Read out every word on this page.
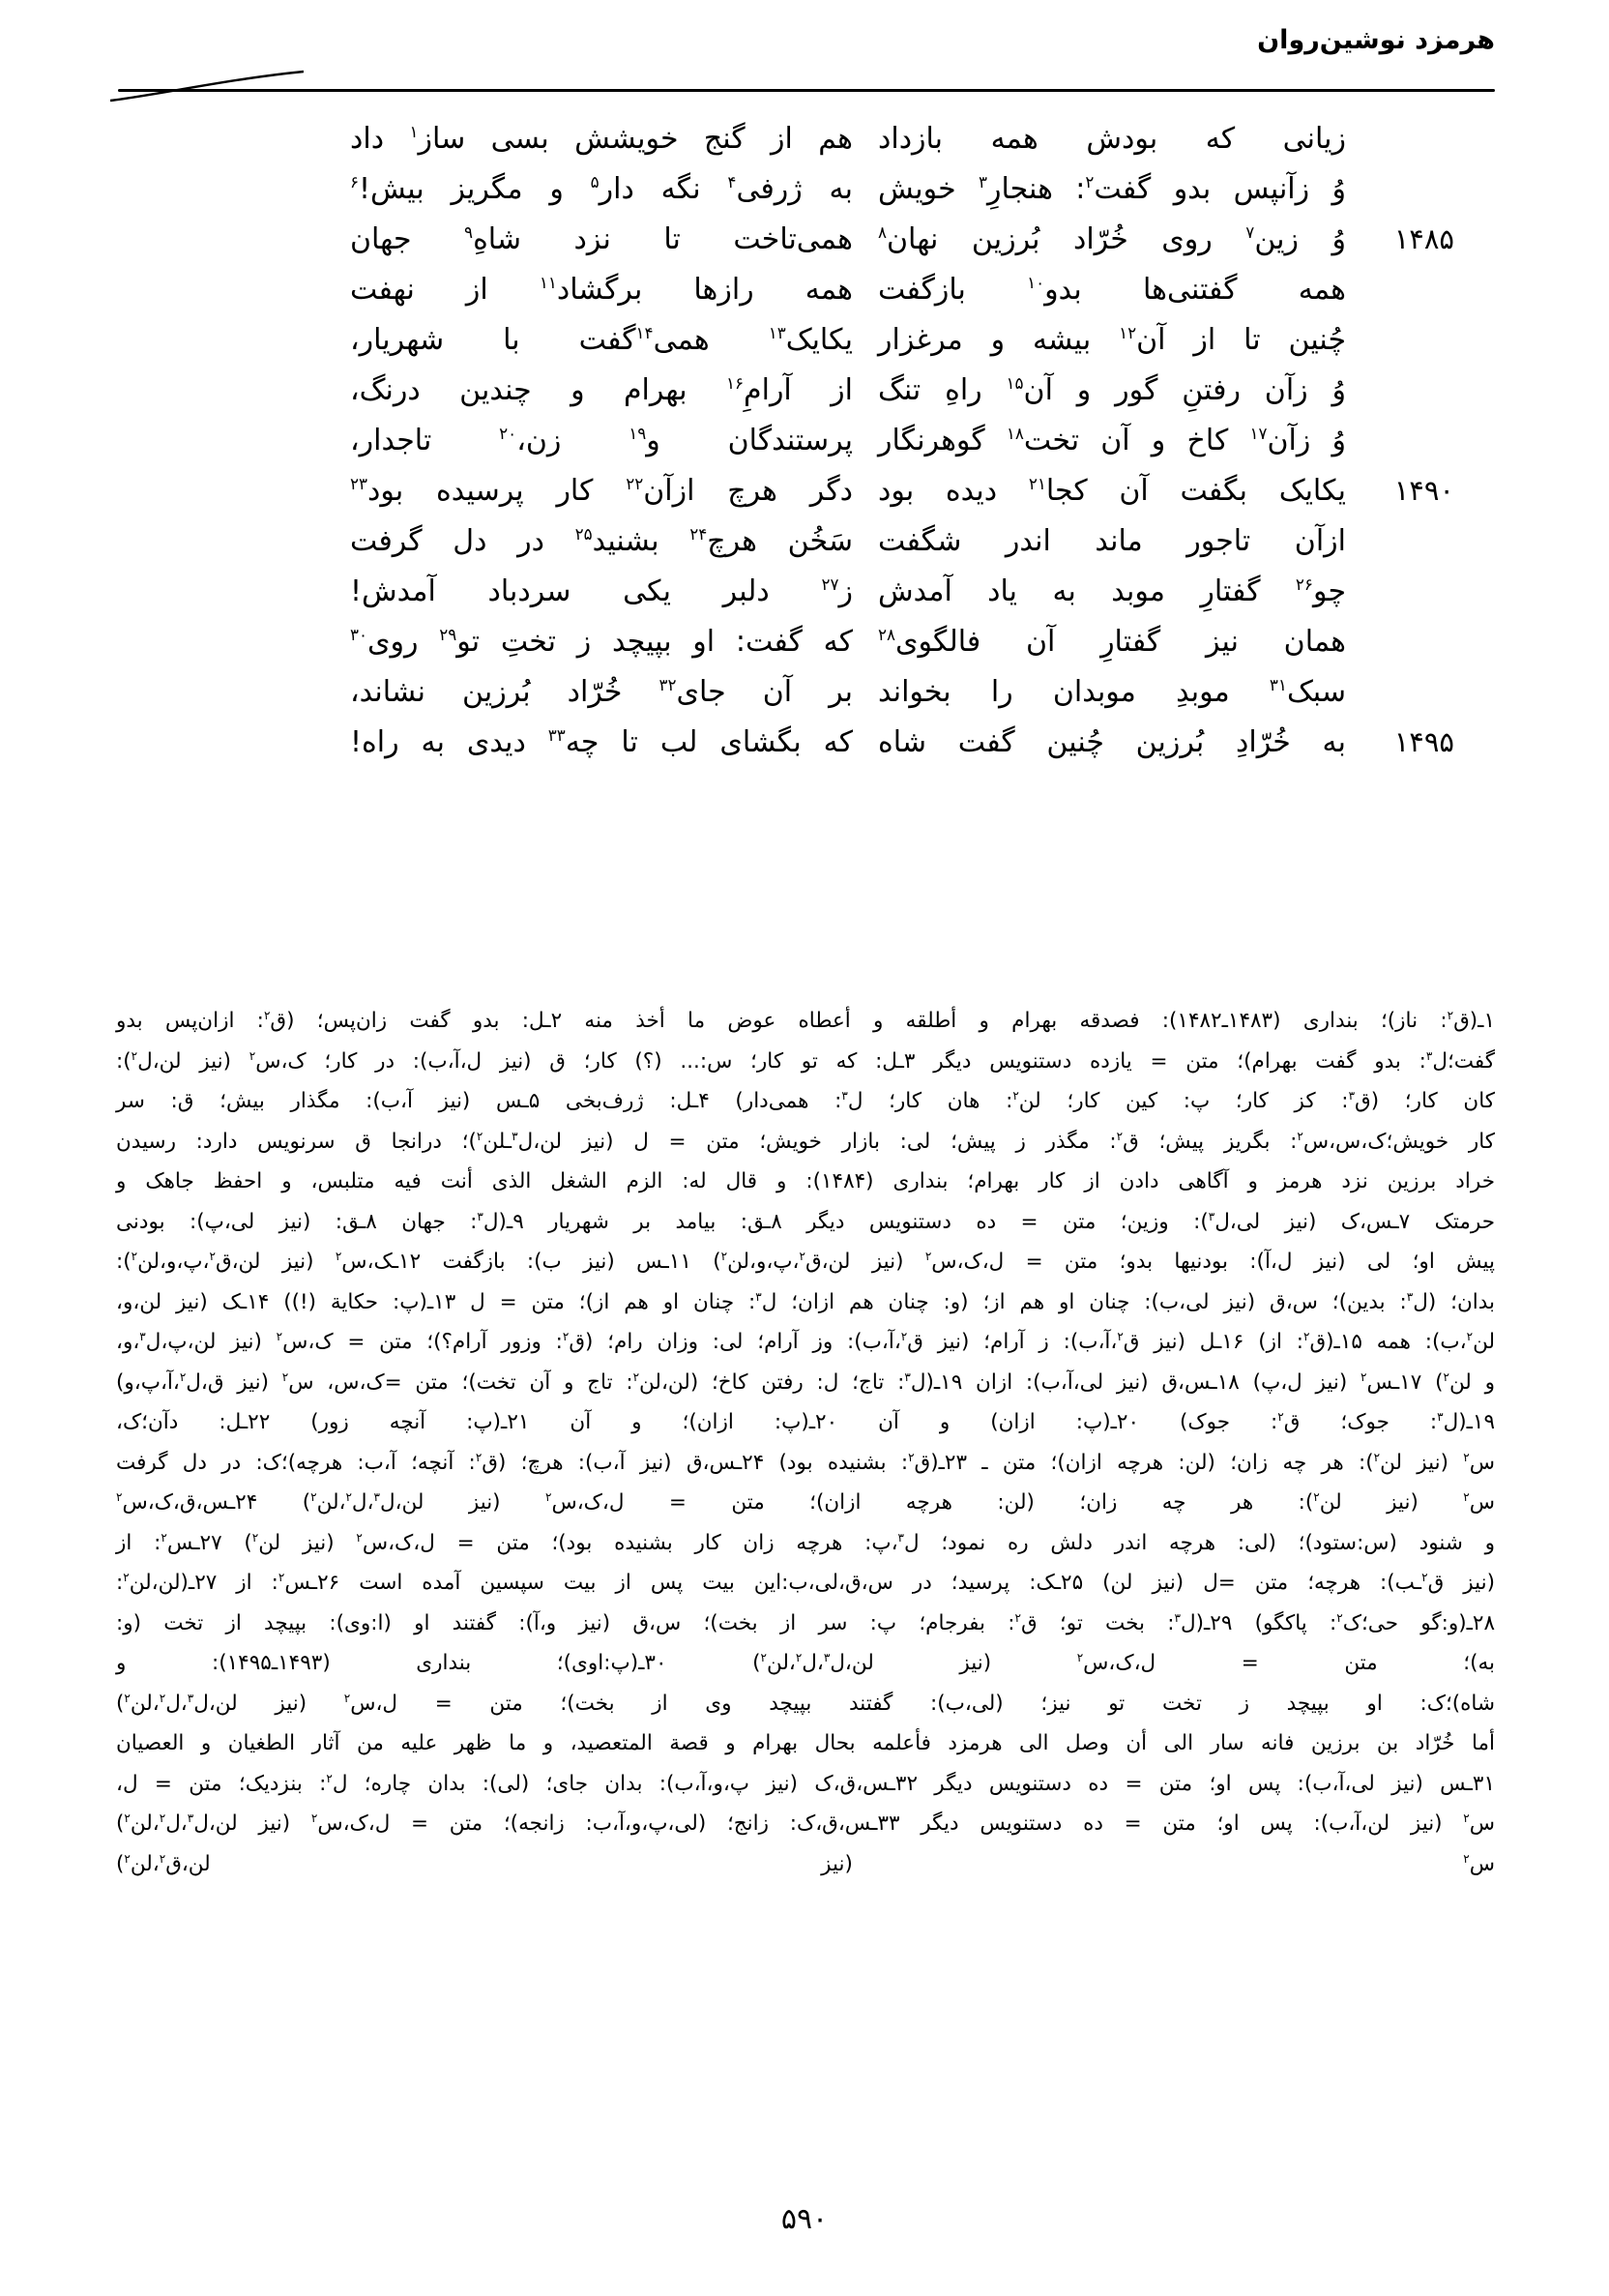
هرمزد نوشین‌روان
زیانی که بودش همه بازداد
هم از گنج خویشش بسی ساز$^۱$ داد
وُ زآنپس بدو گفت$^۲$: هنجارِ$^۳$ خویش
به ژرفی$^۴$ نگه دار$^۵$ و مگریز بیش!$^۶$
۱۴۸۵
وُ زین$^۷$ روی خُرّاد بُرزین نهان$^۸$
همی‌تاخت تا نزد شاهِ$^۹$ جهان
همه گفتنی‌ها بدو$^{۱۰}$ بازگفت
همه رازها برگشاد$^{۱۱}$ از نهفت
چُنین تا از آن$^{۱۲}$ بیشه و مرغزار
یکایک$^{۱۳}$ همی$^{۱۴}$گفت با شهریار،
وُ زآن رفتنِ گور و آن$^{۱۵}$ راهِ تنگ
از آرامِ$^{۱۶}$ بهرام و چندین درنگ،
وُ زآن$^{۱۷}$ کاخ و آن تخت$^{۱۸}$ گوهرنگار
پرستندگان و$^{۱۹}$ زن،$^{۲۰}$ تاجدار،
۱۴۹۰
یکایک بگفت آن کجا$^{۲۱}$ دیده بود
دگر هرچ ازآن$^{۲۲}$ کار پرسیده بود$^{۲۳}$
ازآن تاجور ماند اندر شگفت
سَخُن هرچ$^{۲۴}$ بشنید$^{۲۵}$ در دل گرفت
چو$^{۲۶}$ گفتارِ موبد به یاد آمدش
ز$^{۲۷}$ دلبر یکی سردباد آمدش!
همان نیز گفتارِ آن فالگوی$^{۲۸}$
که گفت: او بپیچد ز تختِ تو$^{۲۹}$ روی$^{۳۰}$
سبک$^{۳۱}$ موبدِ موبدان را بخواند
بر آن جای$^{۳۲}$ خُرّاد بُرزین نشاند،
۱۴۹۵
به خُرّادِ بُرزین چُنین گفت شاه
که بگشای لب تا چه$^{۳۳}$ دیدی به راه!

۱ـ(ق$^۲$: ناز)؛ بنداری (۱۴۸۳ـ۱۴۸۲): فصدقه بهرام و أطلقه و أعطاه عوض ما أخذ منه ۲ـل: بدو گفت زان‌پس؛ (ق$^۲$: ازان‌پس بدو

گفت؛ل$^۳$: بدو گفت بهرام)؛ متن = یازده دستنویس دیگر ۳ـل: که تو کار؛ س:... (؟) کار؛ ق (نیز ل،آ،ب): در کار؛ ک،س$^۲$ (نیز لن،ل$^۲$):

کان کار؛ (ق$^۳$: کز کار؛ پ: کین کار؛ لن$^۲$: هان کار؛ ل$^۳$: همی‌دار) ۴ـل: ژرف‌بخی ۵ـس (نیز آ،ب): مگذار بیش؛ ق: سر

کار خویش؛ک،س،س$^۲$: بگریز پیش؛ ق$^۲$: مگذر ز پیش؛ لی: بازار خویش؛ متن = ل (نیز لن،ل$^۳$ـلن$^۲$)؛ درانجا ق سرنویس دارد: رسیدن

خراد برزین نزد هرمز و آگاهی دادن از کار بهرام؛ بنداری (۱۴۸۴): و قال له: الزم الشغل الذی أنت فیه متلبس، و احفظ جاهک و

حرمتک ۷ـس،ک (نیز لی،ل$^۳$): وزین؛ متن = ده دستنویس دیگر ۸ـق: بیامد بر شهریار ۹ـ(ل$^۳$: جهان ۸ـق: (نیز لی،پ): بودنی

پیش او؛ لی (نیز ل،آ): بودنیها بدو؛ متن = ل،ک،س$^۲$ (نیز لن،ق$^۲$،پ،و،لن$^۲$) ۱۱ـس (نیز ب): بازگفت ۱۲ـک،س$^۲$ (نیز لن،ق$^۲$،پ،و،لن$^۲$):

بدان؛ (ل$^۳$: بدین)؛ س،ق (نیز لی،ب): چنان او هم از؛ (و: چنان هم ازان؛ ل$^۳$: چنان او هم از)؛ متن = ل ۱۳ـ(پ: حکایة (!)) ۱۴ـک (نیز لن،و،

لن$^۲$،ب): همه ۱۵ـ(ق$^۲$: از) ۱۶ـل (نیز ق$^۲$،آ،ب): ز آرام؛ (نیز ق$^۲$،آ،ب): وز آرام؛ لی: وزان رام؛ (ق$^۲$: وزور آرام؟)؛ متن = ک،س$^۲$ (نیز لن،پ،ل$^۳$،و،

و لن$^۲$) ۱۷ـس$^۲$ (نیز ل،پ) ۱۸ـس،ق (نیز لی،آ،ب): ازان ۱۹ـ(ل$^۳$: تاج؛ ل: رفتن کاخ؛ (لن،لن$^۲$: تاج و آن تخت)؛ متن =ک،س، س$^۲$ (نیز ق،ل$^۲$،آ،پ،و)

۱۹ـ(ل$^۳$: جوک؛ ق$^۲$: جوک) ۲۰ـ(پ: ازان) و آن ۲۰ـ(پ: ازان)؛ و آن ۲۱ـ(پ: آنچه زور) ۲۲ـل: دآن؛ک،

س$^۲$ (نیز لن$^۲$): هر چه زان؛ (لن: هرچه ازان)؛ متن ـ ۲۳ـ(ق$^۲$: بشنیده بود) ۲۴ـس،ق (نیز آ،ب): هرچ؛ (ق$^۲$: آنچه؛ آ،ب: هرچه)؛ک: در دل گرفت

س$^۲$ (نیز لن$^۲$): هر چه زان؛ (لن: هرچه ازان)؛ متن = ل،ک،س$^۲$ (نیز لن،ل$^۳$،ل$^۲$،لن$^۲$) ۲۴ـس،ق،ک،س$^۲$

و شنود (س:ستود)؛ (لی: هرچه اندر دلش ره نمود؛ ل$^۳$،پ: هرچه زان کار بشنیده بود)؛ متن = ل،ک،س$^۲$ (نیز لن$^۲$) ۲۷ـس$^۲$: از

(نیز ق$^۲$ـب): هرچه؛ متن =ل (نیز لن) ۲۵ـک: پرسید؛ در س،ق،لی،ب:این بیت پس از بیت سپسین آمده است ۲۶ـس$^۲$: از ۲۷ـ(لن،لن$^۲$:

۲۸ـ(و:گو حی؛ک$^۲$: پاکگو) ۲۹ـ(ل$^۳$: بخت تو؛ ق$^۲$: بفرجام؛ پ: سر از بخت)؛ س،ق (نیز و،آ): گفتند او (ا:وی): بپیچد از تخت (و:

به)؛ متن = ل،ک،س$^۲$ (نیز لن،ل$^۳$،ل$^۲$،لن$^۲$) ۳۰ـ(پ:اوی)؛ بنداری (۱۴۹۳ـ۱۴۹۵): و

شاه)؛ک: او بپیچد ز تخت تو نیز؛ (لی،ب): گفتند بپیچد وی از بخت)؛ متن = ل،س$^۲$ (نیز لن،ل$^۳$،ل$^۲$،لن$^۲$)

أما خُرّاد بن برزین فانه سار الی أن وصل الی هرمزد فأعلمه بحال بهرام و قصة المتعصید، و ما ظهر علیه من آثار الطغیان و العصیان

۳۱ـس (نیز لی،آ،ب): پس او؛ متن = ده دستنویس دیگر ۳۲ـس،ق،ک (نیز پ،و،آ،ب): بدان جای؛ (لی): بدان چاره؛ ل$^۲$: بنزدیک؛ متن = ل،

س$^۲$ (نیز لن،آ،ب): پس او؛ متن = ده دستنویس دیگر ۳۳ـس،ق،ک: زانج؛ (لی،پ،و،آ،ب: زانجه)؛ متن = ل،ک،س$^۲$ (نیز لن،ل$^۳$،ل$^۲$،لن$^۲$)

س$^۲$ (نیز لن،ق$^۲$،لن$^۲$)

۵۹۰
